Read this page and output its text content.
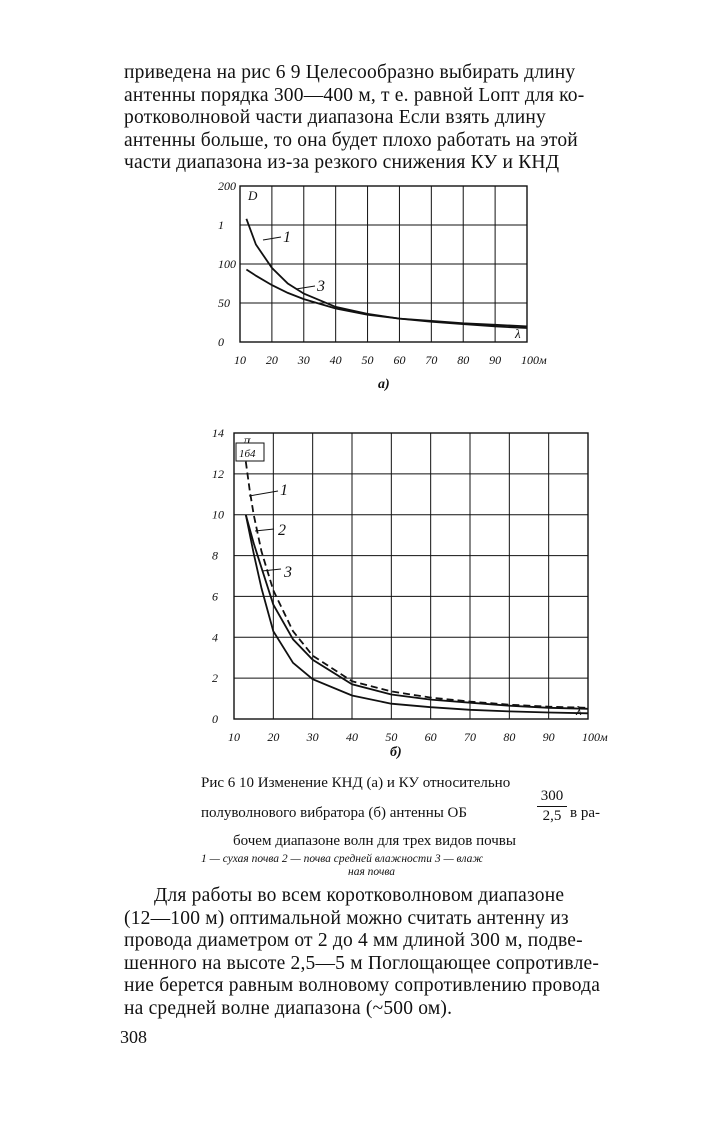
приведена на рис 6 9 Целесообразно выбирать длину
антенны порядка 300—400 м, т е. равной Lопт для ко-
ротковолновой части диапазона Если взять длину
антенны больше, то она будет плохо работать на этой
части диапазона из-за резкого снижения КУ и КНД
10 20 30 40 50 60 70 80 90 100м
0
50
100
1
200
D
λ
1
3
а)
10 20 30 40 50 60 70 80 90 100м
0
2
4
6
8
10
12
14
λ
1
2
3
б)
1б4
Рис 6 10 Изменение КНД (а) и КУ относительно
300
полуволнового вибратора (б) антенны ОБ	2,5 в ра-
бочем диапазоне волн для трех видов почвы
1 — сухая почва 2 — почва средней влажности 3 — влаж
ная почва
Для работы во всем коротковолновом диапазоне
(12—100 м) оптимальной можно считать антенну из
провода диаметром от 2 до 4 мм длиной 300 м, подве-
шенного на высоте 2,5—5 м Поглощающее сопротивле-
ние берется равным волновому сопротивлению провода
на средней волне диапазона (~500 ом).
308
